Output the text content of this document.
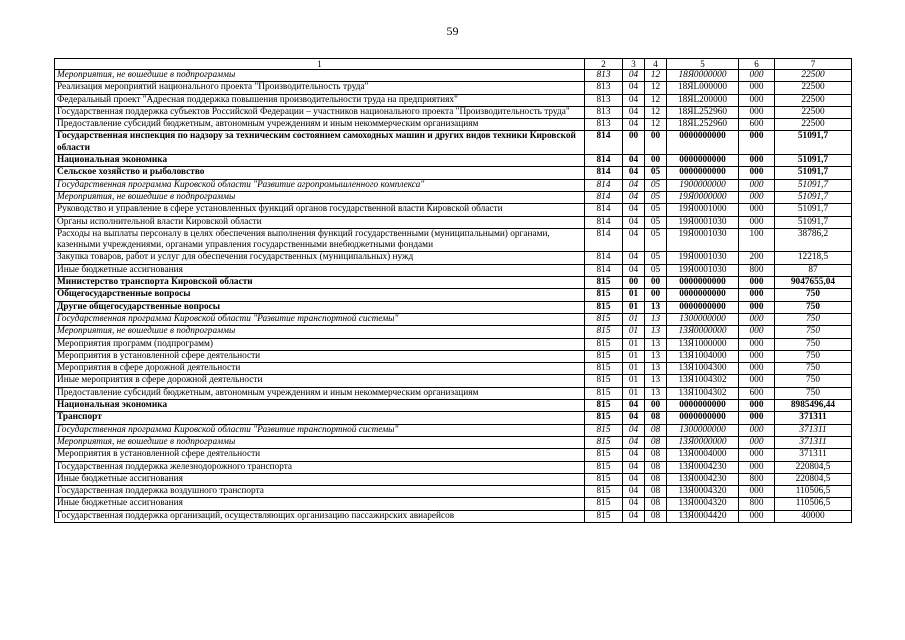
59
1	2	3	4	5	6	7
Мероприятия, не вошедшие в подпрограммы	813	04	12	18Я0000000	000	22500
Реализация мероприятий национального проекта "Производительность труда"	813	04	12	18ЯL000000	000	22500
Федеральный проект "Адресная поддержка повышения производительности труда на предприятиях"	813	04	12	18ЯL200000	000	22500
Государственная поддержка субъектов Российской Федерации – участников национального проекта "Производительность труда"	813	04	12	18ЯL252960	000	22500
Предоставление субсидий бюджетным, автономным учреждениям и иным некоммерческим организациям	813	04	12	18ЯL252960	600	22500
Государственная инспекция по надзору за техническим состоянием самоходных машин и других видов техники Кировской области	814	00	00	0000000000	000	51091,7
Национальная экономика	814	04	00	0000000000	000	51091,7
Сельское хозяйство и рыболовство	814	04	05	0000000000	000	51091,7
Государственная программа Кировской области "Развитие агропромышленного комплекса"	814	04	05	1900000000	000	51091,7
Мероприятия, не вошедшие в подпрограммы	814	04	05	19Я0000000	000	51091,7
Руководство и управление в сфере установленных функций органов государственной власти Кировской области	814	04	05	19Я0001000	000	51091,7
Органы исполнительной власти Кировской области	814	04	05	19Я0001030	000	51091,7
Расходы на выплаты персоналу в целях обеспечения выполнения функций государственными (муниципальными) органами, казенными учреждениями, органами управления государственными внебюджетными фондами	814	04	05	19Я0001030	100	38786,2
Закупка товаров, работ и услуг для обеспечения государственных (муниципальных) нужд	814	04	05	19Я0001030	200	12218,5
Иные бюджетные ассигнования	814	04	05	19Я0001030	800	87
Министерство транспорта Кировской области	815	00	00	0000000000	000	9047655,04
Общегосударственные вопросы	815	01	00	0000000000	000	750
Другие общегосударственные вопросы	815	01	13	0000000000	000	750
Государственная программа Кировской области "Развитие транспортной системы"	815	01	13	1300000000	000	750
Мероприятия, не вошедшие в подпрограммы	815	01	13	13Я0000000	000	750
Мероприятия программ (подпрограмм)	815	01	13	13Я1000000	000	750
Мероприятия в установленной сфере деятельности	815	01	13	13Я1004000	000	750
Мероприятия в сфере дорожной деятельности	815	01	13	13Я1004300	000	750
Иные мероприятия в сфере дорожной деятельности	815	01	13	13Я1004302	000	750
Предоставление субсидий бюджетным, автономным учреждениям и иным некоммерческим организациям	815	01	13	13Я1004302	600	750
Национальная экономика	815	04	00	0000000000	000	8985496,44
Транспорт	815	04	08	0000000000	000	371311
Государственная программа Кировской области "Развитие транспортной системы"	815	04	08	1300000000	000	371311
Мероприятия, не вошедшие в подпрограммы	815	04	08	13Я0000000	000	371311
Мероприятия в установленной сфере деятельности	815	04	08	13Я0004000	000	371311
Государственная поддержка железнодорожного транспорта	815	04	08	13Я0004230	000	220804,5
Иные бюджетные ассигнования	815	04	08	13Я0004230	800	220804,5
Государственная поддержка воздушного транспорта	815	04	08	13Я0004320	000	110506,5
Иные бюджетные ассигнования	815	04	08	13Я0004320	800	110506,5
Государственная поддержка организаций, осуществляющих организацию пассажирских авиарейсов	815	04	08	13Я0004420	000	40000
